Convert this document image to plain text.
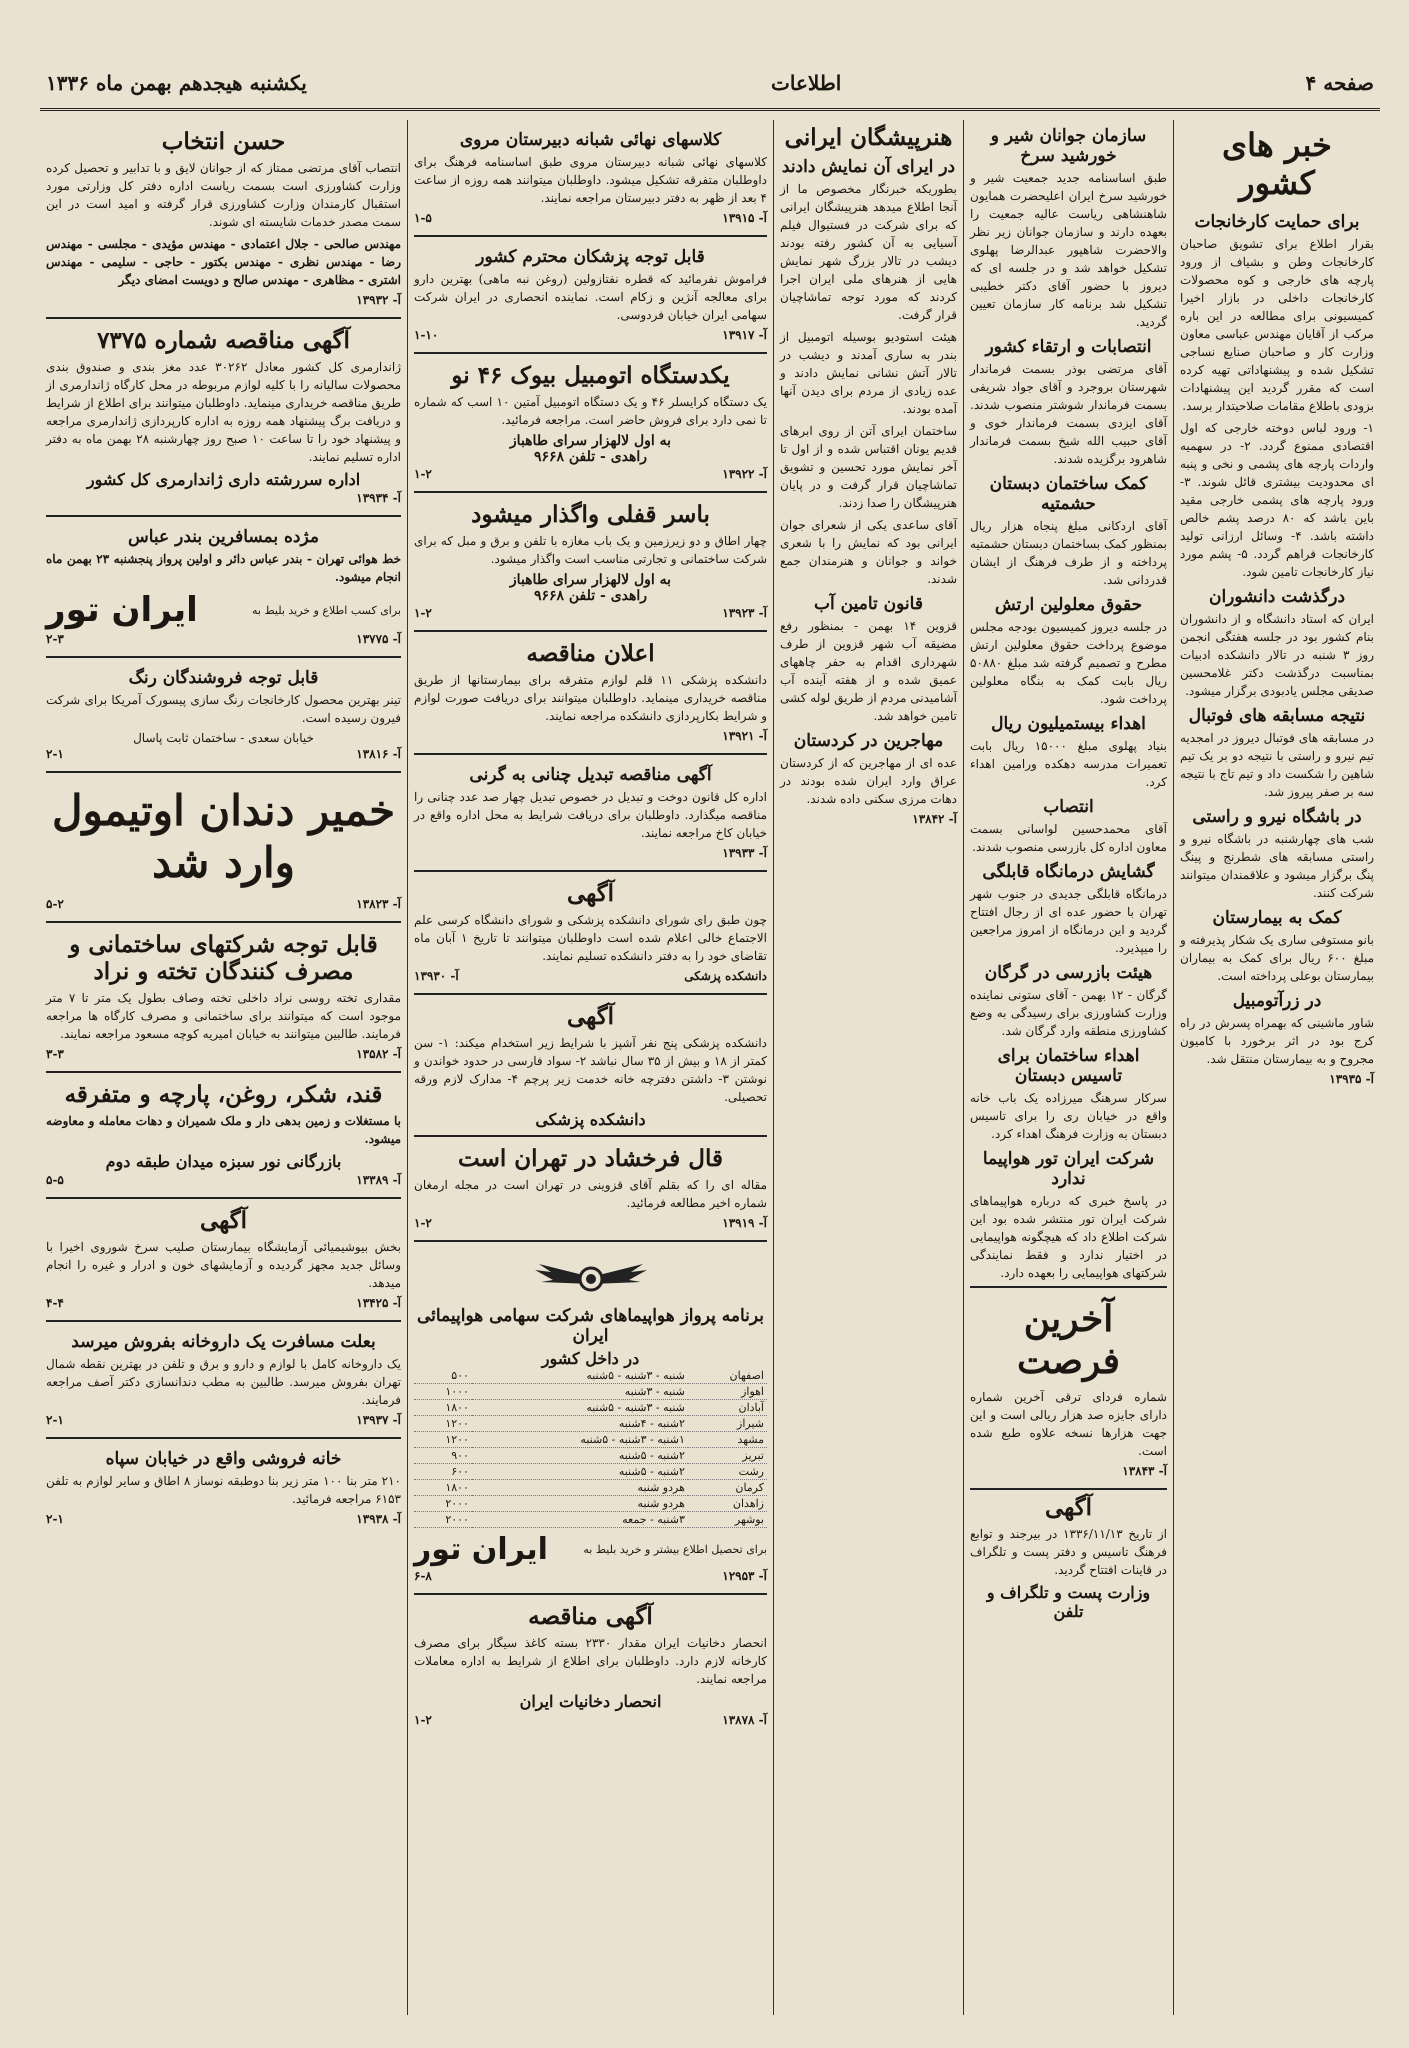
صفحه ۴
اطلاعات
یکشنبه هیجدهم بهمن ماه ۱۳۳۶
خبر های کشور
برای حمایت کارخانجات

بقرار اطلاع برای تشویق صاحبان کارخانجات وطن و بشیاف از ورود پارچه های خارجی و کوه محصولات کارخانجات داخلی در بازار اخیرا کمیسیونی برای مطالعه در این باره مرکب از آقایان مهندس عباسی معاون وزارت کار و صاحبان صنایع نساجی تشکیل شده و پیشنهاداتی تهیه کرده است که مقرر گردید این پیشنهادات بزودی باطلاع مقامات صلاحیتدار برسد.

۱- ورود لباس دوخته خارجی که اول اقتصادی ممنوع گردد. ۲- در سهمیه واردات پارچه های پشمی و نخی و پنبه ای محدودیت بیشتری قائل شوند. ۳- ورود پارچه های پشمی خارجی مقید باین باشد که ۸۰ درصد پشم خالص داشته باشد. ۴- وسائل ارزانی تولید کارخانجات فراهم گردد. ۵- پشم مورد نیاز کارخانجات تامین شود.

درگذشت دانشوران

ایران که استاد دانشگاه و از دانشوران بنام کشور بود در جلسه هفتگی انجمن روز ۳ شنبه در تالار دانشکده ادبیات بمناسبت درگذشت دکتر غلامحسین صدیقی مجلس یادبودی برگزار میشود.

نتیجه مسابقه های فوتبال

در مسابقه های فوتبال دیروز در امجدیه تیم نیرو و راستی با نتیجه دو بر یک تیم شاهین را شکست داد و تیم تاج با نتیجه سه بر صفر پیروز شد.

در باشگاه نیرو و راستی

شب های چهارشنبه در باشگاه نیرو و راستی مسابقه های شطرنج و پینگ پنگ برگزار میشود و علاقمندان میتوانند شرکت کنند.

کمک به بیمارستان

بانو مستوفی ساری یک شکار پذیرفته و مبلغ ۶۰۰ ریال برای کمک به بیماران بیمارستان بوعلی پرداخته است.

در زرآتومبیل

شاور ماشینی که بهمراه پسرش در راه کرج بود در اثر برخورد با کامیون مجروح و به بیمارستان منتقل شد.

آ- ۱۳۹۳۵
سازمان جوانان شیر و خورشید سرخ

طبق اساسنامه جدید جمعیت شیر و خورشید سرخ ایران اعلیحضرت همایون شاهنشاهی ریاست عالیه جمعیت را بعهده دارند و سازمان جوانان زیر نظر والاحضرت شاهپور عبدالرضا پهلوی تشکیل خواهد شد و در جلسه ای که دیروز با حضور آقای دکتر خطیبی تشکیل شد برنامه کار سازمان تعیین گردید.

انتصابات و ارتقاء کشور

آقای مرتضی بوذر بسمت فرماندار شهرستان بروجرد و آقای جواد شریفی بسمت فرماندار شوشتر منصوب شدند. آقای ایزدی بسمت فرماندار خوی و آقای حبیب الله شیخ بسمت فرماندار شاهرود برگزیده شدند.

کمک ساختمان دبستان حشمتیه

آقای اردکانی مبلغ پنجاه هزار ریال بمنظور کمک بساختمان دبستان حشمتیه پرداخته و از طرف فرهنگ از ایشان قدردانی شد.

حقوق معلولین ارتش

در جلسه دیروز کمیسیون بودجه مجلس موضوع پرداخت حقوق معلولین ارتش مطرح و تصمیم گرفته شد مبلغ ۵۰۸۸۰ ریال بابت کمک به بنگاه معلولین پرداخت شود.

اهداء بیستمیلیون ریال

بنیاد پهلوی مبلغ ۱۵۰۰۰ ریال بابت تعمیرات مدرسه دهکده ورامین اهداء کرد.

انتصاب

آقای محمدحسین لواسانی بسمت معاون اداره کل بازرسی منصوب شدند.

گشایش درمانگاه قابلگی

درمانگاه قابلگی جدیدی در جنوب شهر تهران با حضور عده ای از رجال افتتاح گردید و این درمانگاه از امروز مراجعین را میپذیرد.

هیئت بازرسی در گرگان

گرگان - ۱۲ بهمن - آقای ستونی نماینده وزارت کشاورزی برای رسیدگی به وضع کشاورزی منطقه وارد گرگان شد.

اهداء ساختمان برای تاسیس دبستان

سرکار سرهنگ میرزاده یک باب خانه واقع در خیابان ری را برای تاسیس دبستان به وزارت فرهنگ اهداء کرد.

شرکت ایران تور هواپیما ندارد

در پاسخ خبری که درباره هواپیماهای شرکت ایران تور منتشر شده بود این شرکت اطلاع داد که هیچگونه هواپیمایی در اختیار ندارد و فقط نمایندگی شرکتهای هواپیمایی را بعهده دارد.

آخرین فرصت

شماره فردای ترقی آخرین شماره دارای جایزه صد هزار ریالی است و این جهت هزارها نسخه علاوه طبع شده است.

آ- ۱۳۸۴۳
آگهی

از تاریخ ۱۳۳۶/۱۱/۱۳ در بیرجند و توابع فرهنگ تاسیس و دفتر پست و تلگراف در قاینات افتتاح گردید.

وزارت پست و تلگراف و تلفن
هنرپیشگان ایرانی
در ایرای آن نمایش دادند

بطوریکه خبرنگار مخصوص ما از آنجا اطلاع میدهد هنرپیشگان ایرانی که برای شرکت در فستیوال فیلم آسیایی به آن کشور رفته بودند دیشب در تالار بزرگ شهر نمایش هایی از هنرهای ملی ایران اجرا کردند که مورد توجه تماشاچیان قرار گرفت.

هیئت استودیو بوسیله اتومبیل از بندر به ساری آمدند و دیشب در تالار آتش نشانی نمایش دادند و عده زیادی از مردم برای دیدن آنها آمده بودند.

ساختمان ایرای آتن از روی ابرهای قدیم یونان اقتباس شده و از اول تا آخر نمایش مورد تحسین و تشویق تماشاچیان قرار گرفت و در پایان هنرپیشگان را صدا زدند.

آقای ساعدی یکی از شعرای جوان ایرانی بود که نمایش را با شعری خواند و جوانان و هنرمندان جمع شدند.

قانون تامین آب

قزوین ۱۴ بهمن - بمنظور رفع مضیقه آب شهر قزوین از طرف شهرداری اقدام به حفر چاههای عمیق شده و از هفته آینده آب آشامیدنی مردم از طریق لوله کشی تامین خواهد شد.

مهاجرین در کردستان

عده ای از مهاجرین که از کردستان عراق وارد ایران شده بودند در دهات مرزی سکنی داده شدند.

آ- ۱۳۸۴۲
کلاسهای نهائی شبانه دبیرستان مروی

کلاسهای نهائی شبانه دبیرستان مروی طبق اساسنامه فرهنگ برای داوطلبان متفرقه تشکیل میشود. داوطلبان میتوانند همه روزه از ساعت ۴ بعد از ظهر به دفتر دبیرستان مراجعه نمایند.

آ- ۱۳۹۱۵
۱-۵
قابل توجه پزشکان محترم کشور

فراموش نفرمائید که قطره نفتازولین (روغن نبه ماهی) بهترین دارو برای معالجه آنژین و زکام است. نماینده انحصاری در ایران شرکت سهامی ایران خیابان فردوسی.

آ- ۱۳۹۱۷
۱-۱۰
یکدستگاه اتومبیل بیوک ۴۶ نو

یک دستگاه کرایسلر ۴۶ و یک دستگاه اتومبیل آمتین ۱۰ اسب که شماره تا نمی دارد برای فروش حاضر است. مراجعه فرمائید.

به اول لالهزار سرای طاهباز
راهدی - تلفن ۹۶۶۸
آ- ۱۳۹۲۲
۱-۲
باسر قفلی واگذار میشود

چهار اطاق و دو زیرزمین و یک باب مغازه با تلفن و برق و مبل که برای شرکت ساختمانی و تجارتی مناسب است واگذار میشود.

به اول لالهزار سرای طاهباز
راهدی - تلفن ۹۶۶۸
آ- ۱۳۹۲۳
۱-۲
اعلان مناقصه

دانشکده پزشکی ۱۱ قلم لوازم متفرقه برای بیمارستانها از طریق مناقصه خریداری مینماید. داوطلبان میتوانند برای دریافت صورت لوازم و شرایط بکارپردازی دانشکده مراجعه نمایند.

آ- ۱۳۹۲۱
آگهی مناقصه تبدیل چنانی به گرنی

اداره کل قانون دوخت و تبدیل در خصوص تبدیل چهار صد عدد چنانی را مناقصه میگذارد. داوطلبان برای دریافت شرایط به محل اداره واقع در خیابان کاخ مراجعه نمایند.

آ- ۱۳۹۳۳
آگهی

چون طبق رای شورای دانشکده پزشکی و شورای دانشگاه کرسی علم الاجتماع خالی اعلام شده است داوطلبان میتوانند تا تاریخ ۱ آبان ماه تقاضای خود را به دفتر دانشکده تسلیم نمایند.

دانشکده پزشکی
آ- ۱۳۹۳۰
آگهی

دانشکده پزشکی پنج نفر آشپز با شرایط زیر استخدام میکند: ۱- سن کمتر از ۱۸ و بیش از ۳۵ سال نباشد ۲- سواد فارسی در حدود خواندن و نوشتن ۳- داشتن دفترچه خانه خدمت زیر پرچم ۴- مدارک لازم ورقه تحصیلی.

دانشکده پزشکی
قال فرخشاد در تهران است

مقاله ای را که بقلم آقای قزوینی در تهران است در مجله ارمغان شماره اخیر مطالعه فرمائید.

آ- ۱۳۹۱۹
۱-۲
برنامه پرواز هواپیماهای شرکت سهامی هواپیمائی ایران
در داخل کشور
اصفهان	شنبه - ۳شنبه - ۵شنبه	۵۰۰
اهواز	شنبه - ۳شنبه	۱۰۰۰
آبادان	شنبه - ۳شنبه - ۵شنبه	۱۸۰۰
شیراز	۲شنبه - ۴شنبه	۱۲۰۰
مشهد	۱شنبه - ۳شنبه - ۵شنبه	۱۲۰۰
تبریز	۲شنبه - ۵شنبه	۹۰۰
رشت	۲شنبه - ۵شنبه	۶۰۰
کرمان	هردو شنبه	۱۸۰۰
زاهدان	هردو شنبه	۲۰۰۰
بوشهر	۳شنبه - جمعه	۲۰۰۰
برای تحصیل اطلاع بیشتر و خرید بلیط به
ایران تور
آ- ۱۲۹۵۳
۶-۸
آگهی مناقصه

انحصار دخانیات ایران مقدار ۲۳۳۰ بسته کاغذ سیگار برای مصرف کارخانه لازم دارد. داوطلبان برای اطلاع از شرایط به اداره معاملات مراجعه نمایند.

انحصار دخانیات ایران
آ- ۱۳۸۷۸
۱-۲
حسن انتخاب

انتصاب آقای مرتضی ممتاز که از جوانان لایق و با تدابیر و تحصیل کرده وزارت کشاورزی است بسمت ریاست اداره دفتر کل وزارتی مورد استقبال کارمندان وزارت کشاورزی قرار گرفته و امید است در این سمت مصدر خدمات شایسته ای شوند.

مهندس صالحی - جلال اعتمادی - مهندس مؤیدی - مجلسی - مهندس رضا - مهندس نظری - مهندس بکتور - حاجی - سلیمی - مهندس اشتری - مظاهری - مهندس صالح و دویست امضای دیگر

آ- ۱۳۹۳۲
آگهی مناقصه شماره ۷۳۷۵

ژاندارمری کل کشور معادل ۳۰۲۶۲ عدد مغز بندی و صندوق بندی محصولات سالیانه را با کلیه لوازم مربوطه در محل کارگاه ژاندارمری از طریق مناقصه خریداری مینماید. داوطلبان میتوانند برای اطلاع از شرایط و دریافت برگ پیشنهاد همه روزه به اداره کارپردازی ژاندارمری مراجعه و پیشنهاد خود را تا ساعت ۱۰ صبح روز چهارشنبه ۲۸ بهمن ماه به دفتر اداره تسلیم نمایند.

اداره سررشته داری ژاندارمری کل کشور
آ- ۱۳۹۳۴
مژده بمسافرین بندر عباس

خط هوائی تهران - بندر عباس دائر و اولین پرواز پنجشنبه ۲۳ بهمن ماه انجام میشود.

برای کسب اطلاع و خرید بلیط به
ایران تور
آ- ۱۳۷۷۵
۲-۳
قابل توجه فروشندگان رنگ

تینر بهترین محصول کارخانجات رنگ سازی پیسورک آمریکا برای شرکت فیرون رسیده است.

خیابان سعدی - ساختمان ثابت پاسال
آ- ۱۳۸۱۶
۲-۱
خمیر دندان اوتیمول وارد شد
آ- ۱۳۸۲۳
۵-۲
قابل توجه شرکتهای ساختمانی و مصرف کنندگان تخته و نراد

مقداری تخته روسی نراد داخلی تخته وصاف بطول یک متر تا ۷ متر موجود است که میتوانند برای ساختمانی و مصرف کارگاه ها مراجعه فرمایند. طالبین میتوانند به خیابان امیریه کوچه مسعود مراجعه نمایند.

آ- ۱۳۵۸۲
۳-۳
قند، شکر، روغن، پارچه و متفرقه

با مستغلات و زمین بدهی دار و ملک شمیران و دهات معامله و معاوضه میشود.

بازرگانی نور سبزه میدان طبقه دوم
آ- ۱۳۳۸۹
۵-۵
آگهی

بخش بیوشیمیائی آزمایشگاه بیمارستان صلیب سرخ شوروی اخیرا با وسائل جدید مجهز گردیده و آزمایشهای خون و ادرار و غیره را انجام میدهد.

آ- ۱۳۴۲۵
۴-۴
بعلت مسافرت یک داروخانه بفروش میرسد

یک داروخانه کامل با لوازم و دارو و برق و تلفن در بهترین نقطه شمال تهران بفروش میرسد. طالبین به مطب دندانسازی دکتر آصف مراجعه فرمایند.

آ- ۱۳۹۳۷
۲-۱
خانه فروشی واقع در خیابان سپاه

۲۱۰ متر بنا ۱۰۰ متر زیر بنا دوطبقه نوساز ۸ اطاق و سایر لوازم به تلفن ۶۱۵۳ مراجعه فرمائید.

آ- ۱۳۹۳۸
۲-۱
